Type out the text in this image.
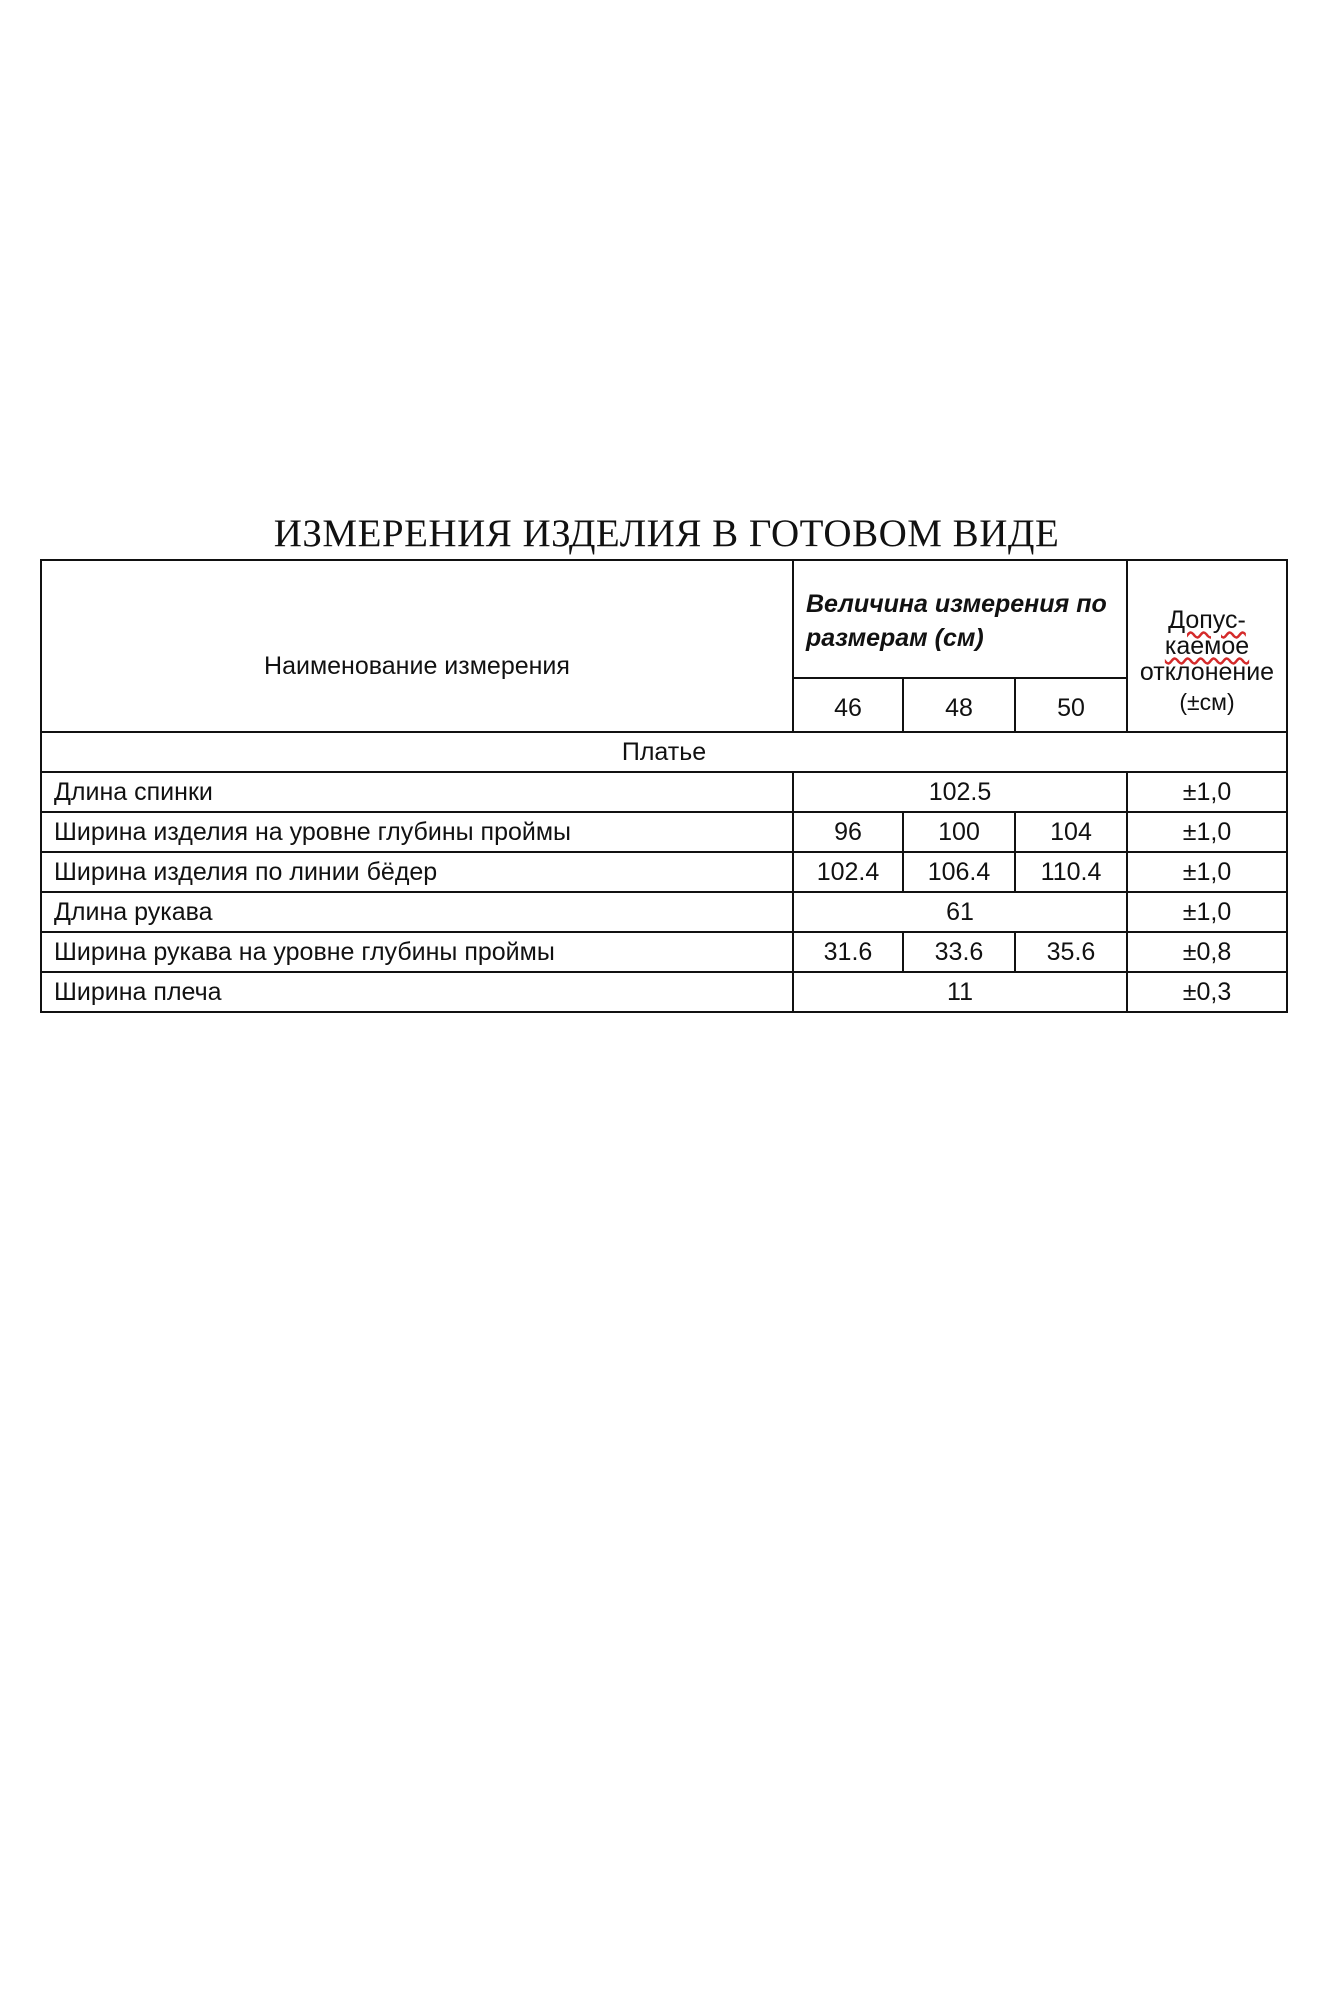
ИЗМЕРЕНИЯ ИЗДЕЛИЯ В ГОТОВОМ ВИДЕ
Наименование измерения	Величина измерения по размерам (см)			Допус-
каемое
отклонение
(±см)
	46	48	50	
Платье				
Длина спинки	102.5			±1,0
Ширина изделия на уровне глубины проймы	96	100	104	±1,0
Ширина изделия по линии бёдер	102.4	106.4	110.4	±1,0
Длина рукава	61			±1,0
Ширина рукава на уровне глубины проймы	31.6	33.6	35.6	±0,8
Ширина плеча	11			±0,3
